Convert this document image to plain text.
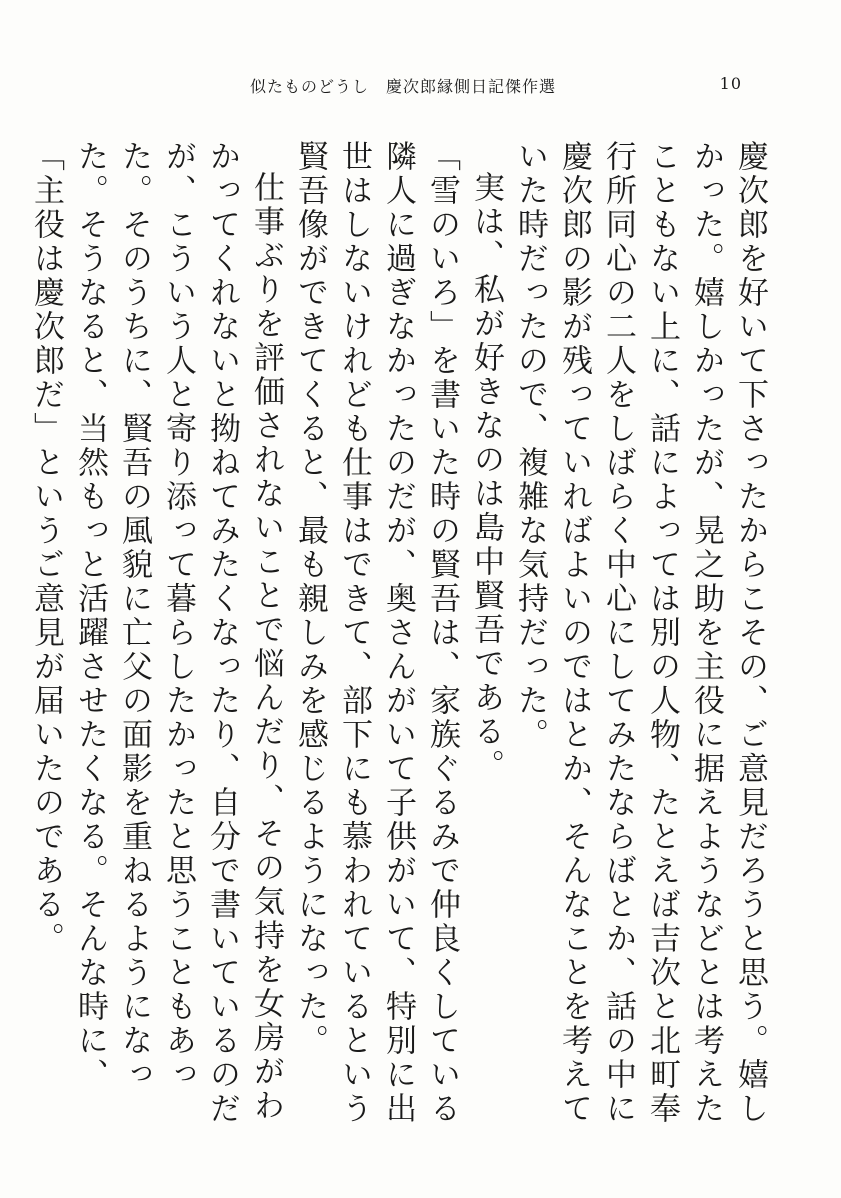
似たものどうし　慶次郎縁側日記傑作選	10

慶次郎を好いて下さったからこその、ご意見だろうと思う。嬉しかった。嬉しかったが、晃之助を主役に据えようなどとは考えたこともない上に、話によっては別の人物、たとえば吉次と北町奉行所同心の二人をしばらく中心にしてみたならばとか、話の中に慶次郎の影が残っていればよいのではとか、そんなことを考えていた時だったので、複雑な気持だった。

実は、私が好きなのは島中賢吾である。

「雪のいろ」を書いた時の賢吾は、家族ぐるみで仲良くしている隣人に過ぎなかったのだが、奥さんがいて子供がいて、特別に出世はしないけれども仕事はできて、部下にも慕われているという賢吾像ができてくると、最も親しみを感じるようになった。

仕事ぶりを評価されないことで悩んだり、その気持を女房がわかってくれないと拗ねてみたくなったり、自分で書いているのだが、こういう人と寄り添って暮らしたかったと思うこともあった。そのうちに、賢吾の風貌に亡父の面影を重ねるようになった。そうなると、当然もっと活躍させたくなる。そんな時に、「主役は慶次郎だ」というご意見が届いたのである。
